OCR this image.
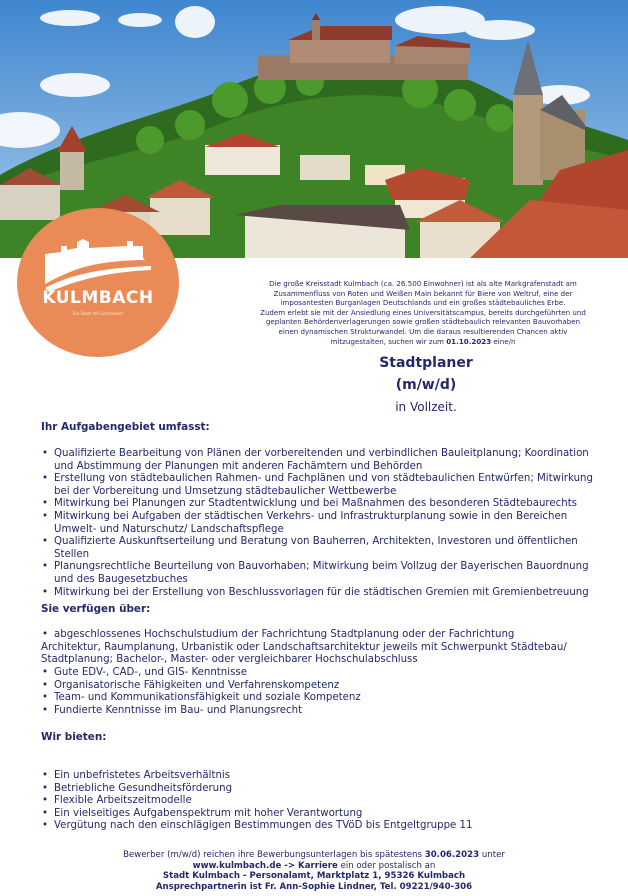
KULMBACH
Die Stadt mit Geschmack
Die große Kreisstadt Kulmbach (ca. 26.500 Einwohner) ist als alte Markgrafenstadt am
Zusammenfluss von Roten und Weißen Main bekannt für Biere von Weltruf, eine der
imposantesten Burganlagen Deutschlands und ein großes städtebauliches Erbe.
Zudem erlebt sie mit der Ansiedlung eines Universitätscampus, bereits durchgeführten und
geplanten Behördenverlagerungen sowie großen städtebaulich relevanten Bauvorhaben
einen dynamischen Strukturwandel. Um die daraus resultierenden Chancen aktiv
mitzugestalten, suchen wir zum 01.10.2023 eine/n
Stadtplaner
(m/w/d)
in Vollzeit.
Ihr Aufgabengebiet umfasst:
• Qualifizierte Bearbeitung von Plänen der vorbereitenden und verbindlichen Bauleitplanung; Koordination und Abstimmung der Planungen mit anderen Fachämtern und Behörden
• Erstellung von städtebaulichen Rahmen- und Fachplänen und von städtebaulichen Entwürfen; Mitwirkung bei der Vorbereitung und Umsetzung städtebaulicher Wettbewerbe
• Mitwirkung bei Planungen zur Stadtentwicklung und bei Maßnahmen des besonderen Städtebaurechts
• Mitwirkung bei Aufgaben der städtischen Verkehrs- und Infrastrukturplanung sowie in den Bereichen Umwelt- und Naturschutz/ Landschaftspflege
• Qualifizierte Auskunftserteilung und Beratung von Bauherren, Architekten, Investoren und öffentlichen Stellen
• Planungsrechtliche Beurteilung von Bauvorhaben; Mitwirkung beim Vollzug der Bayerischen Bauordnung und des Baugesetzbuches
• Mitwirkung bei der Erstellung von Beschlussvorlagen für die städtischen Gremien mit Gremienbetreuung
Sie verfügen über:
• abgeschlossenes Hochschulstudium der Fachrichtung Stadtplanung oder der Fachrichtung
Architektur, Raumplanung, Urbanistik oder Landschaftsarchitektur jeweils mit Schwerpunkt Städtebau/
Stadtplanung; Bachelor-, Master- oder vergleichbarer Hochschulabschluss
• Gute EDV-, CAD-, und GIS- Kenntnisse
• Organisatorische Fähigkeiten und Verfahrenskompetenz
• Team- und Kommunikationsfähigkeit und soziale Kompetenz
• Fundierte Kenntnisse im Bau- und Planungsrecht
Wir bieten:
• Ein unbefristetes Arbeitsverhältnis
• Betriebliche Gesundheitsförderung
• Flexible Arbeitszeitmodelle
• Ein vielseitiges Aufgabenspektrum mit hoher Verantwortung
• Vergütung nach den einschlägigen Bestimmungen des TVöD bis Entgeltgruppe 11
Bewerber (m/w/d) reichen ihre Bewerbungsunterlagen bis spätestens 30.06.2023 unter
www.kulmbach.de -> Karriere ein oder postalisch an
Stadt Kulmbach - Personalamt, Marktplatz 1, 95326 Kulmbach
Ansprechpartnerin ist Fr. Ann-Sophie Lindner, Tel. 09221/940-306
